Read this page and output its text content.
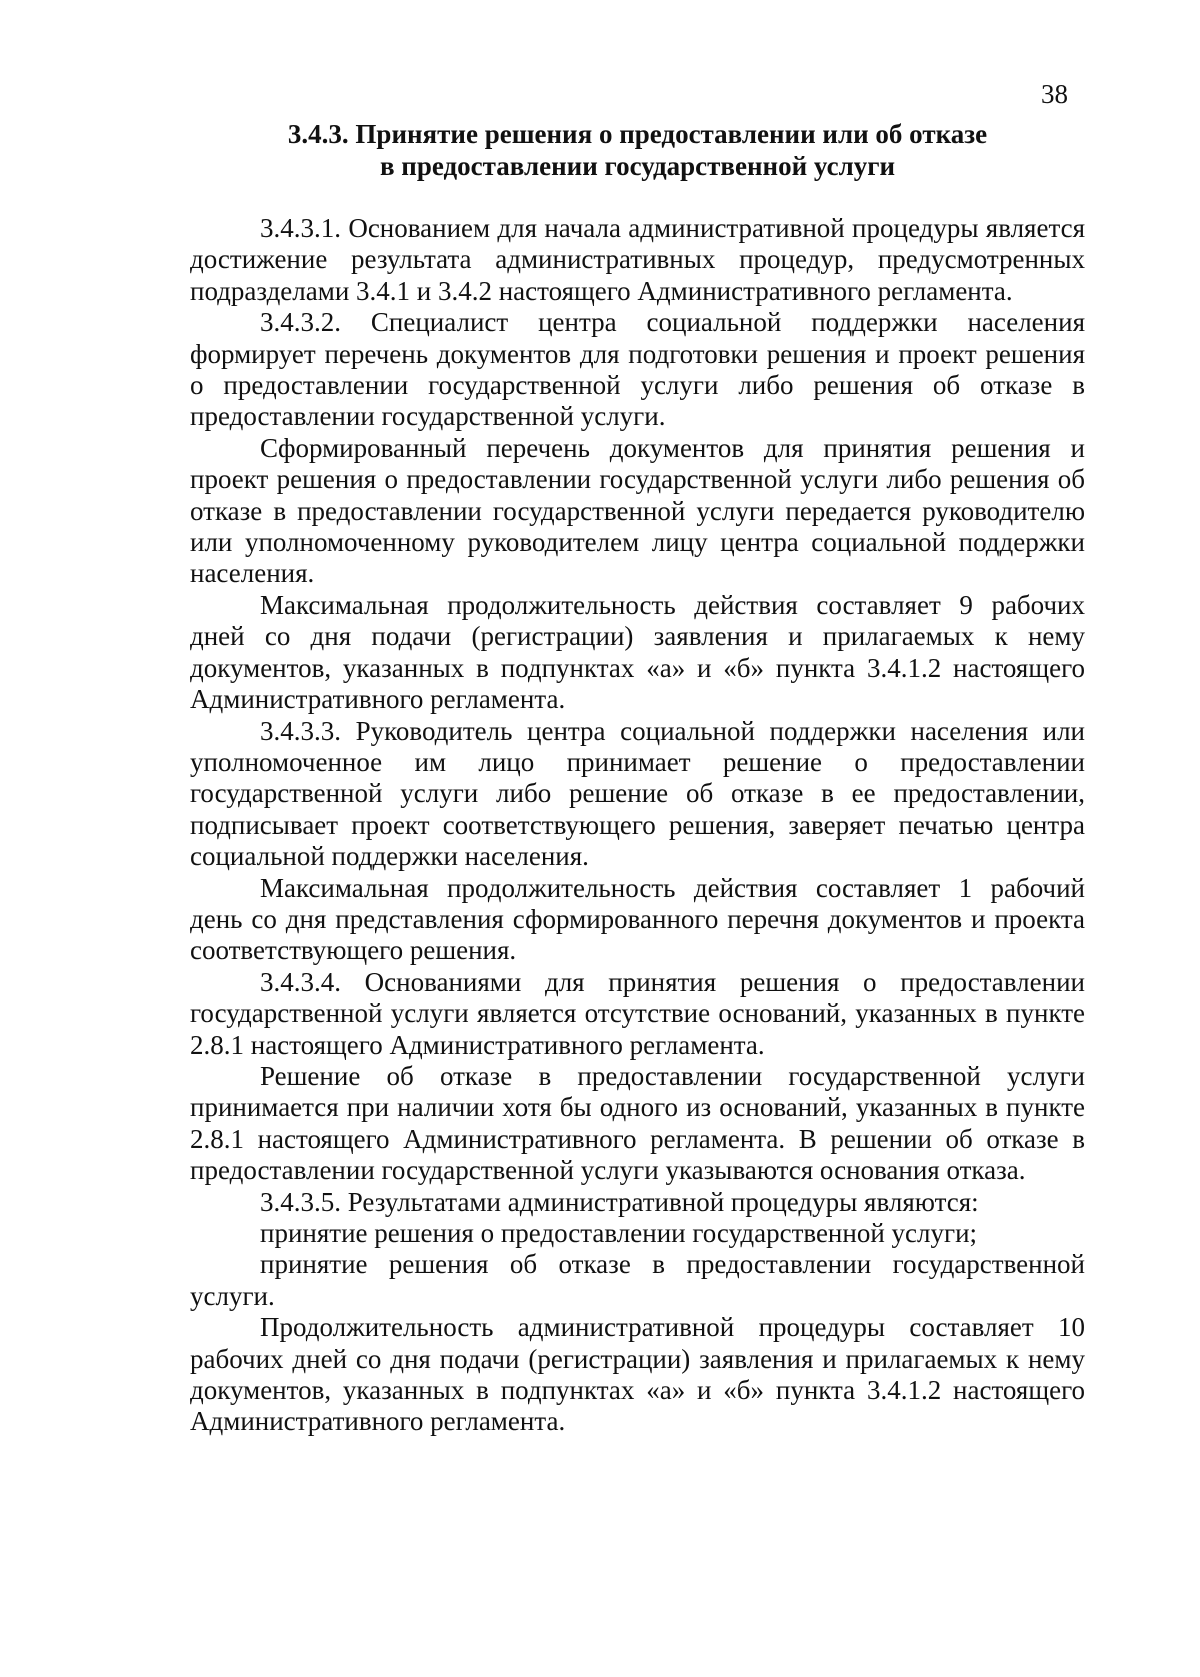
38
3.4.3. Принятие решения о предоставлении или об отказе
в предоставлении государственной услуги

3.4.3.1. Основанием для начала административной процедуры является достижение результата административных процедур, предусмотренных подразделами 3.4.1 и 3.4.2 настоящего Административного регламента.

3.4.3.2. Специалист центра социальной поддержки населения формирует перечень документов для подготовки решения и проект решения о предоставлении государственной услуги либо решения об отказе в предоставлении государственной услуги.

Сформированный перечень документов для принятия решения и проект решения о предоставлении государственной услуги либо решения об отказе в предоставлении государственной услуги передается руководителю или уполномоченному руководителем лицу центра социальной поддержки населения.

Максимальная продолжительность действия составляет 9 рабочих дней со дня подачи (регистрации) заявления и прилагаемых к нему документов, указанных в подпунктах «а» и «б» пункта 3.4.1.2 настоящего Административного регламента.

3.4.3.3. Руководитель центра социальной поддержки населения или уполномоченное им лицо принимает решение о предоставлении государственной услуги либо решение об отказе в ее предоставлении, подписывает проект соответствующего решения, заверяет печатью центра социальной поддержки населения.

Максимальная продолжительность действия составляет 1 рабочий день со дня представления сформированного перечня документов и проекта соответствующего решения.

3.4.3.4. Основаниями для принятия решения о предоставлении государственной услуги является отсутствие оснований, указанных в пункте 2.8.1 настоящего Административного регламента.

Решение об отказе в предоставлении государственной услуги принимается при наличии хотя бы одного из оснований, указанных в пункте 2.8.1 настоящего Административного регламента. В решении об отказе в предоставлении государственной услуги указываются основания отказа.

3.4.3.5. Результатами административной процедуры являются:

принятие решения о предоставлении государственной услуги;

принятие решения об отказе в предоставлении государственной услуги.

Продолжительность административной процедуры составляет 10 рабочих дней со дня подачи (регистрации) заявления и прилагаемых к нему документов, указанных в подпунктах «а» и «б» пункта 3.4.1.2 настоящего Административного регламента.
